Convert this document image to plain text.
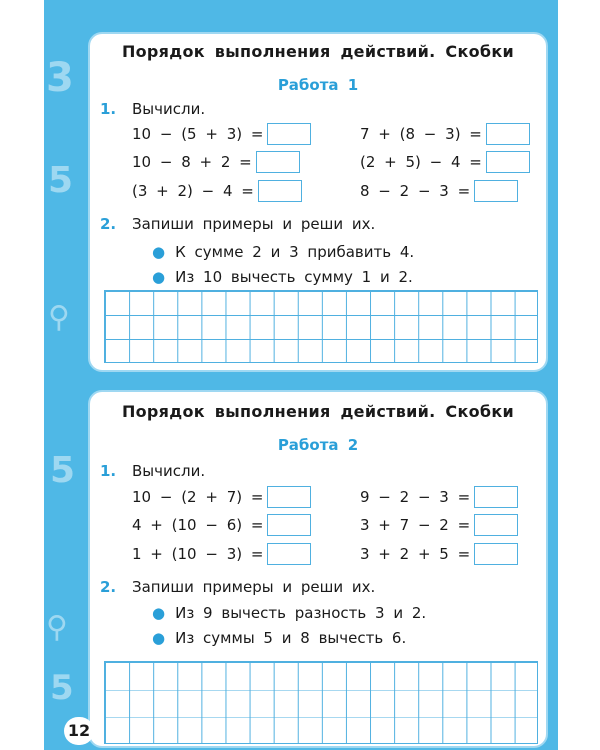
3
5
⚲
5
⚲
5
Порядок выполнения действий. Скобки
Работа 1
1. Вычисли.
10 − (5 + 3) =
10 − 8 + 2 =
(3 + 2) − 4 =
7 + (8 − 3) =
(2 + 5) − 4 =
8 − 2 − 3 =
2. Запиши примеры и реши их.
● К сумме 2 и 3 прибавить 4.
● Из 10 вычесть сумму 1 и 2.
Порядок выполнения действий. Скобки
Работа 2
1. Вычисли.
10 − (2 + 7) =
4 + (10 − 6) =
1 + (10 − 3) =
9 − 2 − 3 =
3 + 7 − 2 =
3 + 2 + 5 =
2. Запиши примеры и реши их.
● Из 9 вычесть разность 3 и 2.
● Из суммы 5 и 8 вычесть 6.
12
